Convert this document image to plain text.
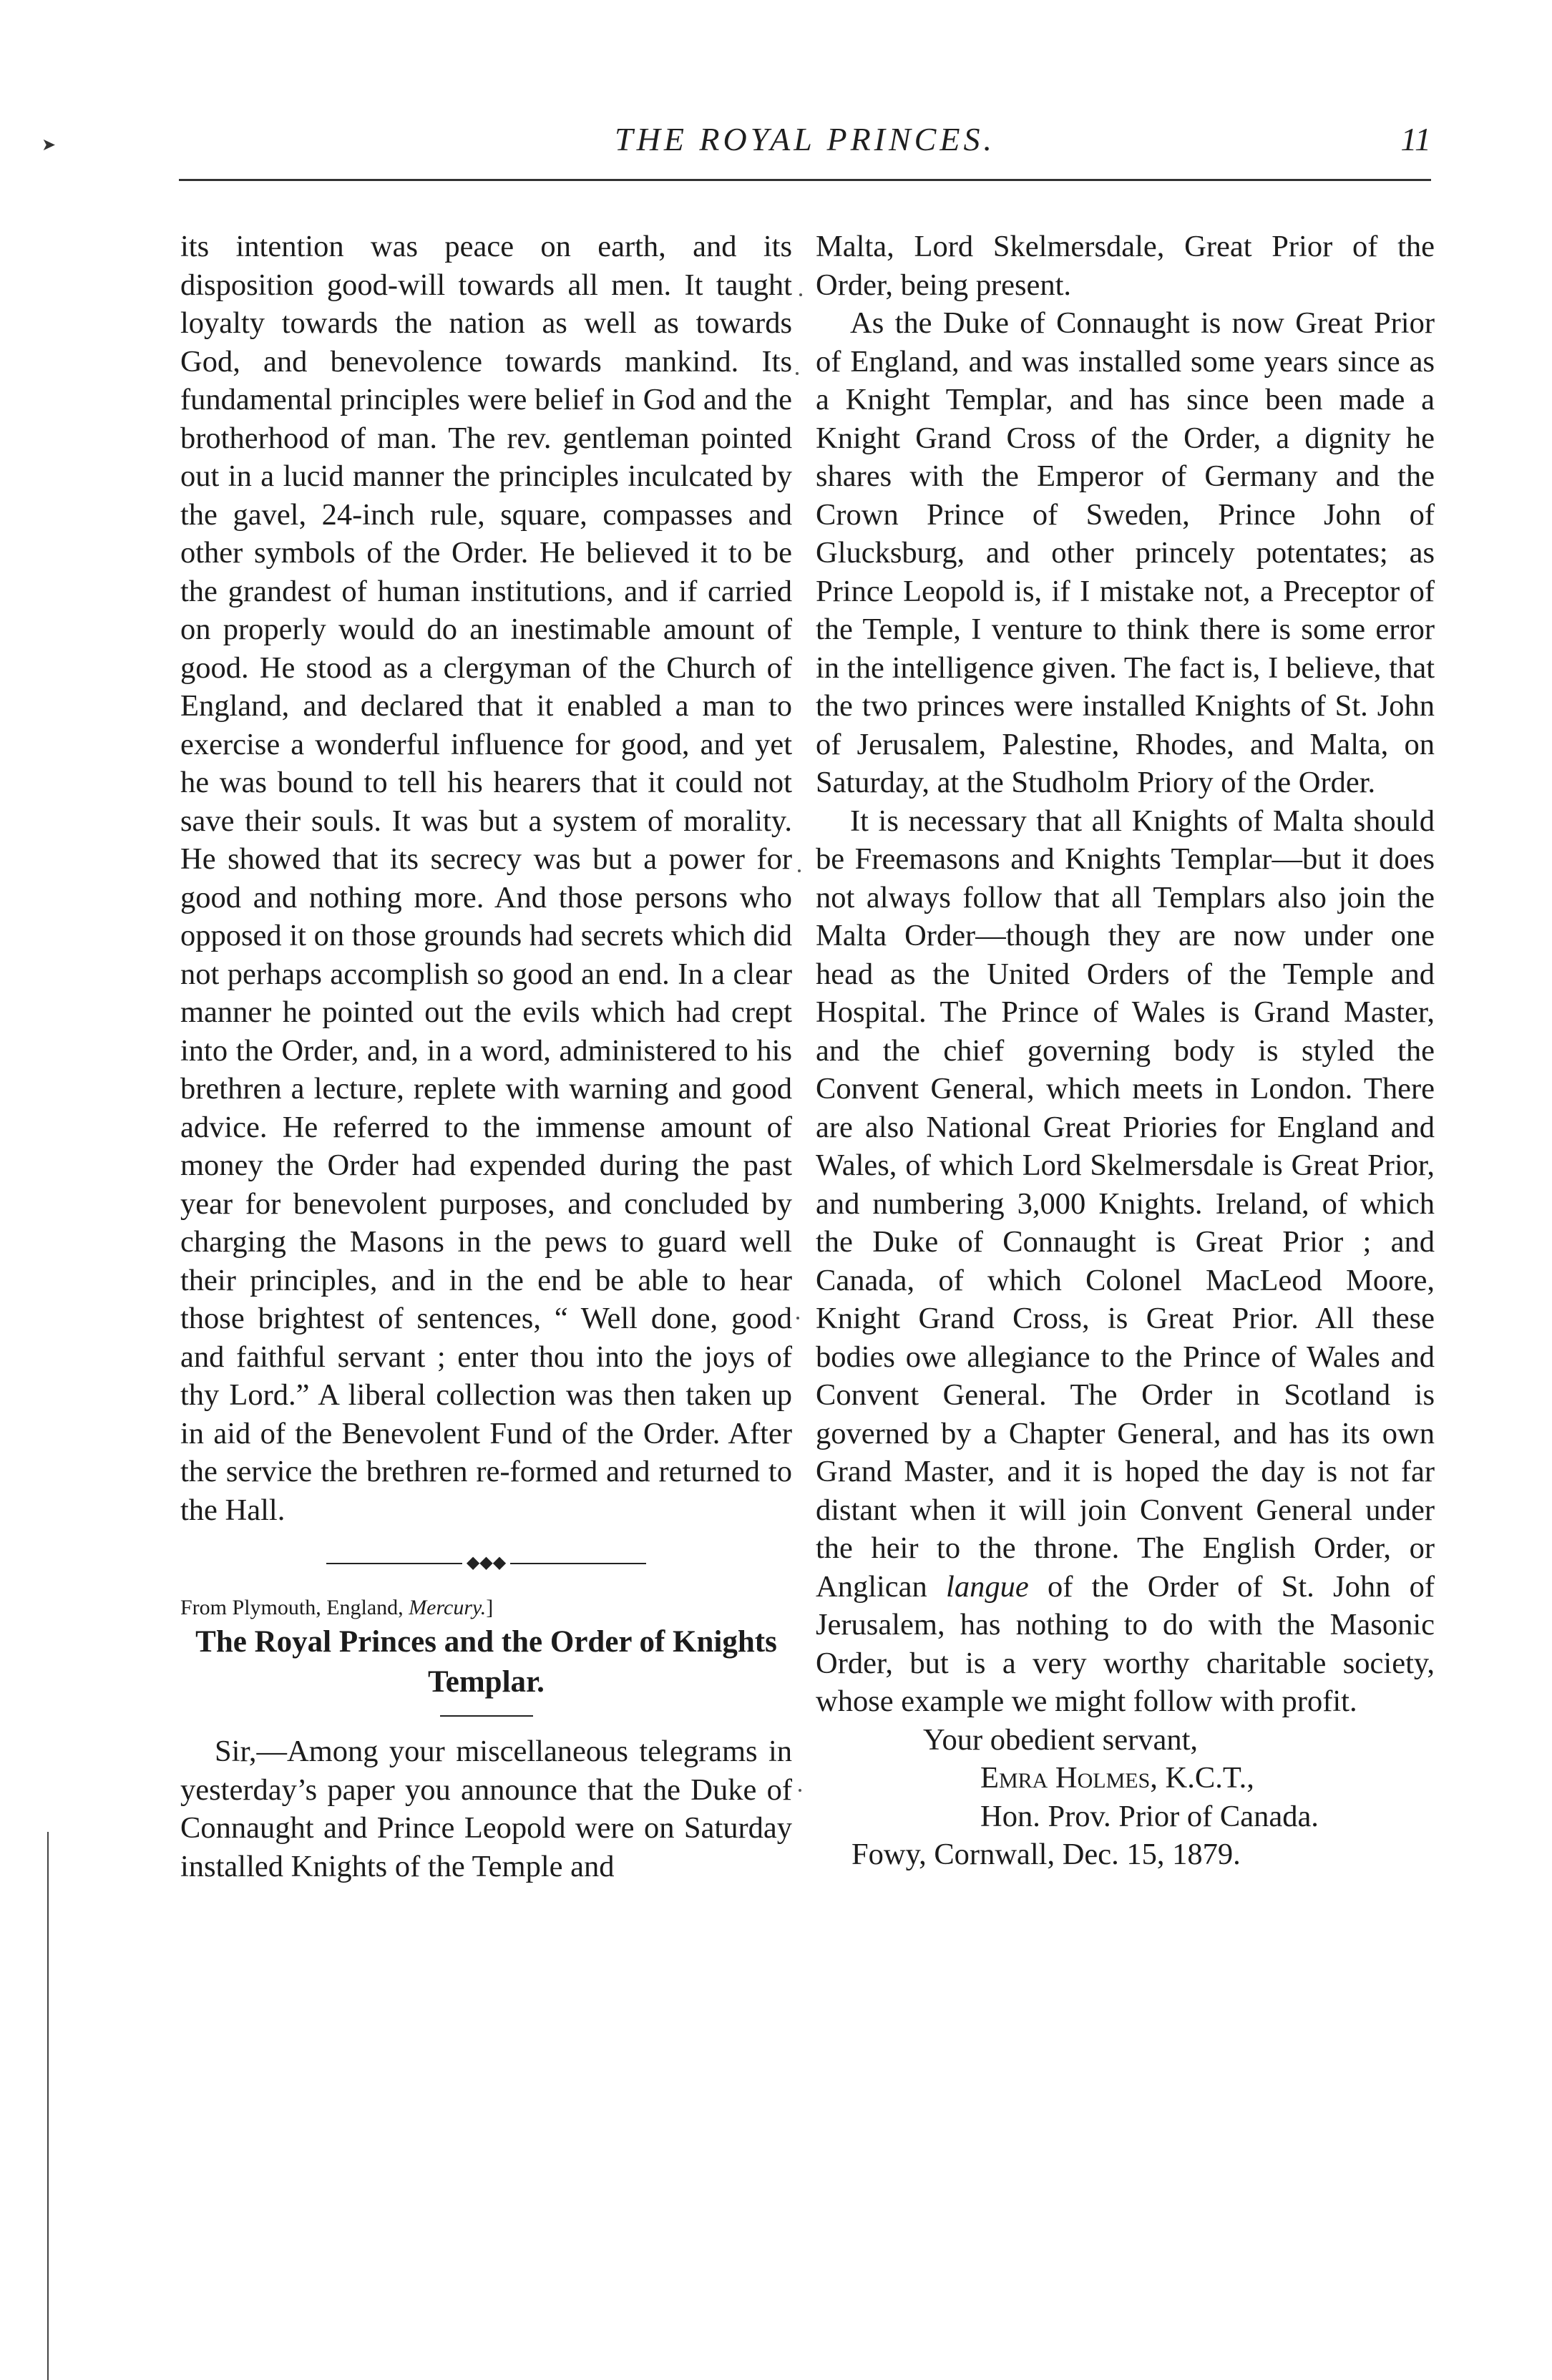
THE ROYAL PRINCES.	11

its intention was peace on earth, and its disposition good-will towards all men. It taught loyalty towards the nation as well as towards God, and benevolence towards mankind. Its fundamental principles were belief in God and the brotherhood of man. The rev. gentleman pointed out in a lucid manner the principles inculcated by the gavel, 24-inch rule, square, compasses and other symbols of the Order. He believed it to be the grandest of human institutions, and if carried on properly would do an inestimable amount of good. He stood as a clergyman of the Church of England, and declared that it enabled a man to exercise a wonderful influence for good, and yet he was bound to tell his hearers that it could not save their souls. It was but a system of morality. He showed that its secrecy was but a power for good and nothing more. And those persons who opposed it on those grounds had secrets which did not perhaps accomplish so good an end. In a clear manner he pointed out the evils which had crept into the Order, and, in a word, administered to his brethren a lecture, replete with warning and good advice. He referred to the immense amount of money the Order had expended during the past year for benevolent purposes, and concluded by charging the Masons in the pews to guard well their principles, and in the end be able to hear those brightest of sentences, “ Well done, good and faithful servant ; enter thou into the joys of thy Lord.” A liberal collection was then taken up in aid of the Benevolent Fund of the Order. After the service the brethren re-formed and returned to the Hall.

◆◆◆

From Plymouth, England, Mercury.]

The Royal Princes and the Order of Knights Templar.

Sir,—Among your miscellaneous telegrams in yesterday’s paper you announce that the Duke of Connaught and Prince Leopold were on Saturday installed Knights of the Temple and

Malta, Lord Skelmersdale, Great Prior of the Order, being present.

As the Duke of Connaught is now Great Prior of England, and was installed some years since as a Knight Templar, and has since been made a Knight Grand Cross of the Order, a dignity he shares with the Emperor of Germany and the Crown Prince of Sweden, Prince John of Glucksburg, and other princely potentates; as Prince Leopold is, if I mistake not, a Preceptor of the Temple, I venture to think there is some error in the intelligence given. The fact is, I believe, that the two princes were installed Knights of St. John of Jerusalem, Palestine, Rhodes, and Malta, on Saturday, at the Studholm Priory of the Order.

It is necessary that all Knights of Malta should be Freemasons and Knights Templar—but it does not always follow that all Templars also join the Malta Order—though they are now under one head as the United Orders of the Temple and Hospital. The Prince of Wales is Grand Master, and the chief governing body is styled the Convent General, which meets in London. There are also National Great Priories for England and Wales, of which Lord Skelmersdale is Great Prior, and numbering 3,000 Knights. Ireland, of which the Duke of Connaught is Great Prior ; and Canada, of which Colonel MacLeod Moore, Knight Grand Cross, is Great Prior. All these bodies owe allegiance to the Prince of Wales and Convent General. The Order in Scotland is governed by a Chapter General, and has its own Grand Master, and it is hoped the day is not far distant when it will join Convent General under the heir to the throne. The English Order, or Anglican langue of the Order of St. John of Jerusalem, has nothing to do with the Masonic Order, but is a very worthy charitable society, whose example we might follow with profit.

Your obedient servant,

Emra Holmes, K.C.T.,

Hon. Prov. Prior of Canada.

Fowy, Cornwall, Dec. 15, 1879.

➤
